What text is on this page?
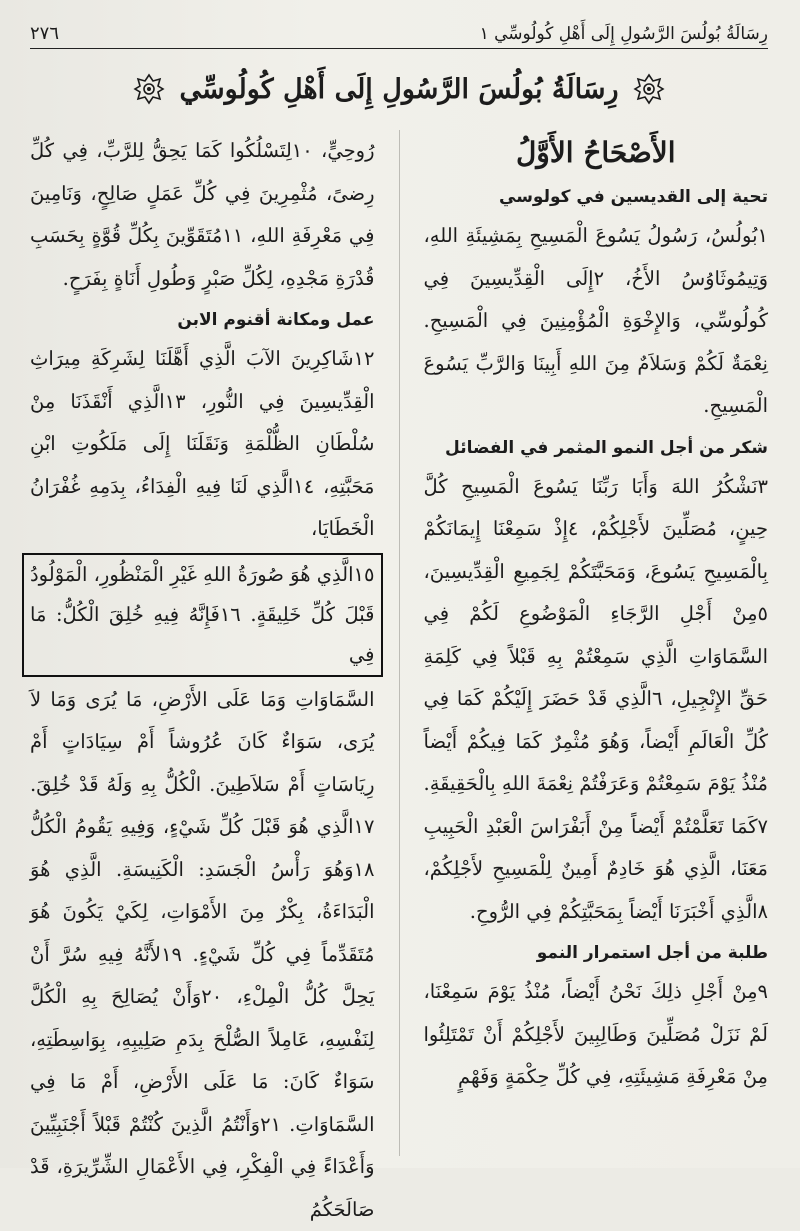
رِسَالَةُ بُولُسَ الرَّسُولِ إِلَى أَهْلِ كُولُوسِّي ١
٢٧٦
رِسَالَةُ بُولُسَ الرَّسُولِ إِلَى أَهْلِ كُولُوسِّي
الأَصْحَاحُ الأَوَّلُ
تحية إلى القديسين في كولوسي

١بُولُسُ، رَسُولُ يَسُوعَ الْمَسِيحِ بِمَشِيئَةِ اللهِ، وَتِيمُوثَاوُسُ الأَخُ، ٢إِلَى الْقِدِّيسِينَ فِي كُولُوسِّي، وَالإِخْوَةِ الْمُؤْمِنِينَ فِي الْمَسِيحِ. نِعْمَةٌ لَكُمْ وَسَلاَمٌ مِنَ اللهِ أَبِينَا وَالرَّبِّ يَسُوعَ الْمَسِيحِ.

شكر من أجل النمو المثمر في الفضائل

٣نَشْكُرُ اللهَ وَأَبَا رَبِّنَا يَسُوعَ الْمَسِيحِ كُلَّ حِينٍ، مُصَلِّينَ لأَجْلِكُمْ، ٤إِذْ سَمِعْنَا إِيمَانَكُمْ بِالْمَسِيحِ يَسُوعَ، وَمَحَبَّتَكُمْ لِجَمِيعِ الْقِدِّيسِينَ، ٥مِنْ أَجْلِ الرَّجَاءِ الْمَوْضُوعِ لَكُمْ فِي السَّمَاوَاتِ الَّذِي سَمِعْتُمْ بِهِ قَبْلاً فِي كَلِمَةِ حَقِّ الإِنْجِيلِ، ٦الَّذِي قَدْ حَضَرَ إِلَيْكُمْ كَمَا فِي كُلِّ الْعَالَمِ أَيْضاً، وَهُوَ مُثْمِرٌ كَمَا فِيكُمْ أَيْضاً مُنْذُ يَوْمَ سَمِعْتُمْ وَعَرَفْتُمْ نِعْمَةَ اللهِ بِالْحَقِيقَةِ. ٧كَمَا تَعَلَّمْتُمْ أَيْضاً مِنْ أَبَفْرَاسَ الْعَبْدِ الْحَبِيبِ مَعَنَا، الَّذِي هُوَ خَادِمٌ أَمِينٌ لِلْمَسِيحِ لأَجْلِكُمْ، ٨الَّذِي أَخْبَرَنَا أَيْضاً بِمَحَبَّتِكُمْ فِي الرُّوحِ.

طلبة من أجل استمرار النمو

٩مِنْ أَجْلِ ذلِكَ نَحْنُ أَيْضاً، مُنْذُ يَوْمَ سَمِعْنَا، لَمْ نَزَلْ مُصَلِّينَ وَطَالِبِينَ لأَجْلِكُمْ أَنْ تَمْتَلِئُوا مِنْ مَعْرِفَةِ مَشِيئَتِهِ، فِي كُلِّ حِكْمَةٍ وَفَهْمٍ

رُوحِيٍّ، ١٠لِتَسْلُكُوا كَمَا يَحِقُّ لِلرَّبِّ، فِي كُلِّ رِضىً، مُثْمِرِينَ فِي كُلِّ عَمَلٍ صَالِحٍ، وَنَامِينَ فِي مَعْرِفَةِ اللهِ، ١١مُتَقَوِّينَ بِكُلِّ قُوَّةٍ بِحَسَبِ قُدْرَةِ مَجْدِهِ، لِكُلِّ صَبْرٍ وَطُولِ أَنَاةٍ بِفَرَحٍ.

عمل ومكانة أقنوم الابن

١٢شَاكِرِينَ الآبَ الَّذِي أَهَّلَنَا لِشَرِكَةِ مِيرَاثِ الْقِدِّيسِينَ فِي النُّورِ، ١٣الَّذِي أَنْقَذَنَا مِنْ سُلْطَانِ الظُّلْمَةِ وَنَقَلَنَا إِلَى مَلَكُوتِ ابْنِ مَحَبَّتِهِ، ١٤الَّذِي لَنَا فِيهِ الْفِدَاءُ، بِدَمِهِ غُفْرَانُ الْخَطَايَا،

١٥الَّذِي هُوَ صُورَةُ اللهِ غَيْرِ الْمَنْظُورِ، الْمَوْلُودُ قَبْلَ كُلِّ خَلِيقَةٍ. ١٦فَإِنَّهُ فِيهِ خُلِقَ الْكُلُّ: مَا فِي

السَّمَاوَاتِ وَمَا عَلَى الأَرْضِ، مَا يُرَى وَمَا لاَ يُرَى، سَوَاءٌ كَانَ عُرُوشاً أَمْ سِيَادَاتٍ أَمْ رِيَاسَاتٍ أَمْ سَلاَطِينَ. الْكُلُّ بِهِ وَلَهُ قَدْ خُلِقَ. ١٧الَّذِي هُوَ قَبْلَ كُلِّ شَيْءٍ، وَفِيهِ يَقُومُ الْكُلُّ ١٨وَهُوَ رَأْسُ الْجَسَدِ: الْكَنِيسَةِ. الَّذِي هُوَ الْبَدَاءَةُ، بِكْرٌ مِنَ الأَمْوَاتِ، لِكَيْ يَكُونَ هُوَ مُتَقَدِّماً فِي كُلِّ شَيْءٍ. ١٩لأَنَّهُ فِيهِ سُرَّ أَنْ يَحِلَّ كُلُّ الْمِلْءِ، ٢٠وَأَنْ يُصَالِحَ بِهِ الْكُلَّ لِنَفْسِهِ، عَامِلاً الصُّلْحَ بِدَمِ صَلِيبِهِ، بِوَاسِطَتِهِ، سَوَاءٌ كَانَ: مَا عَلَى الأَرْضِ، أَمْ مَا فِي السَّمَاوَاتِ. ٢١وَأَنْتُمُ الَّذِينَ كُنْتُمْ قَبْلاً أَجْنَبِيِّينَ وَأَعْدَاءً فِي الْفِكْرِ، فِي الأَعْمَالِ الشِّرِّيرَةِ، قَدْ صَالَحَكُمُ
